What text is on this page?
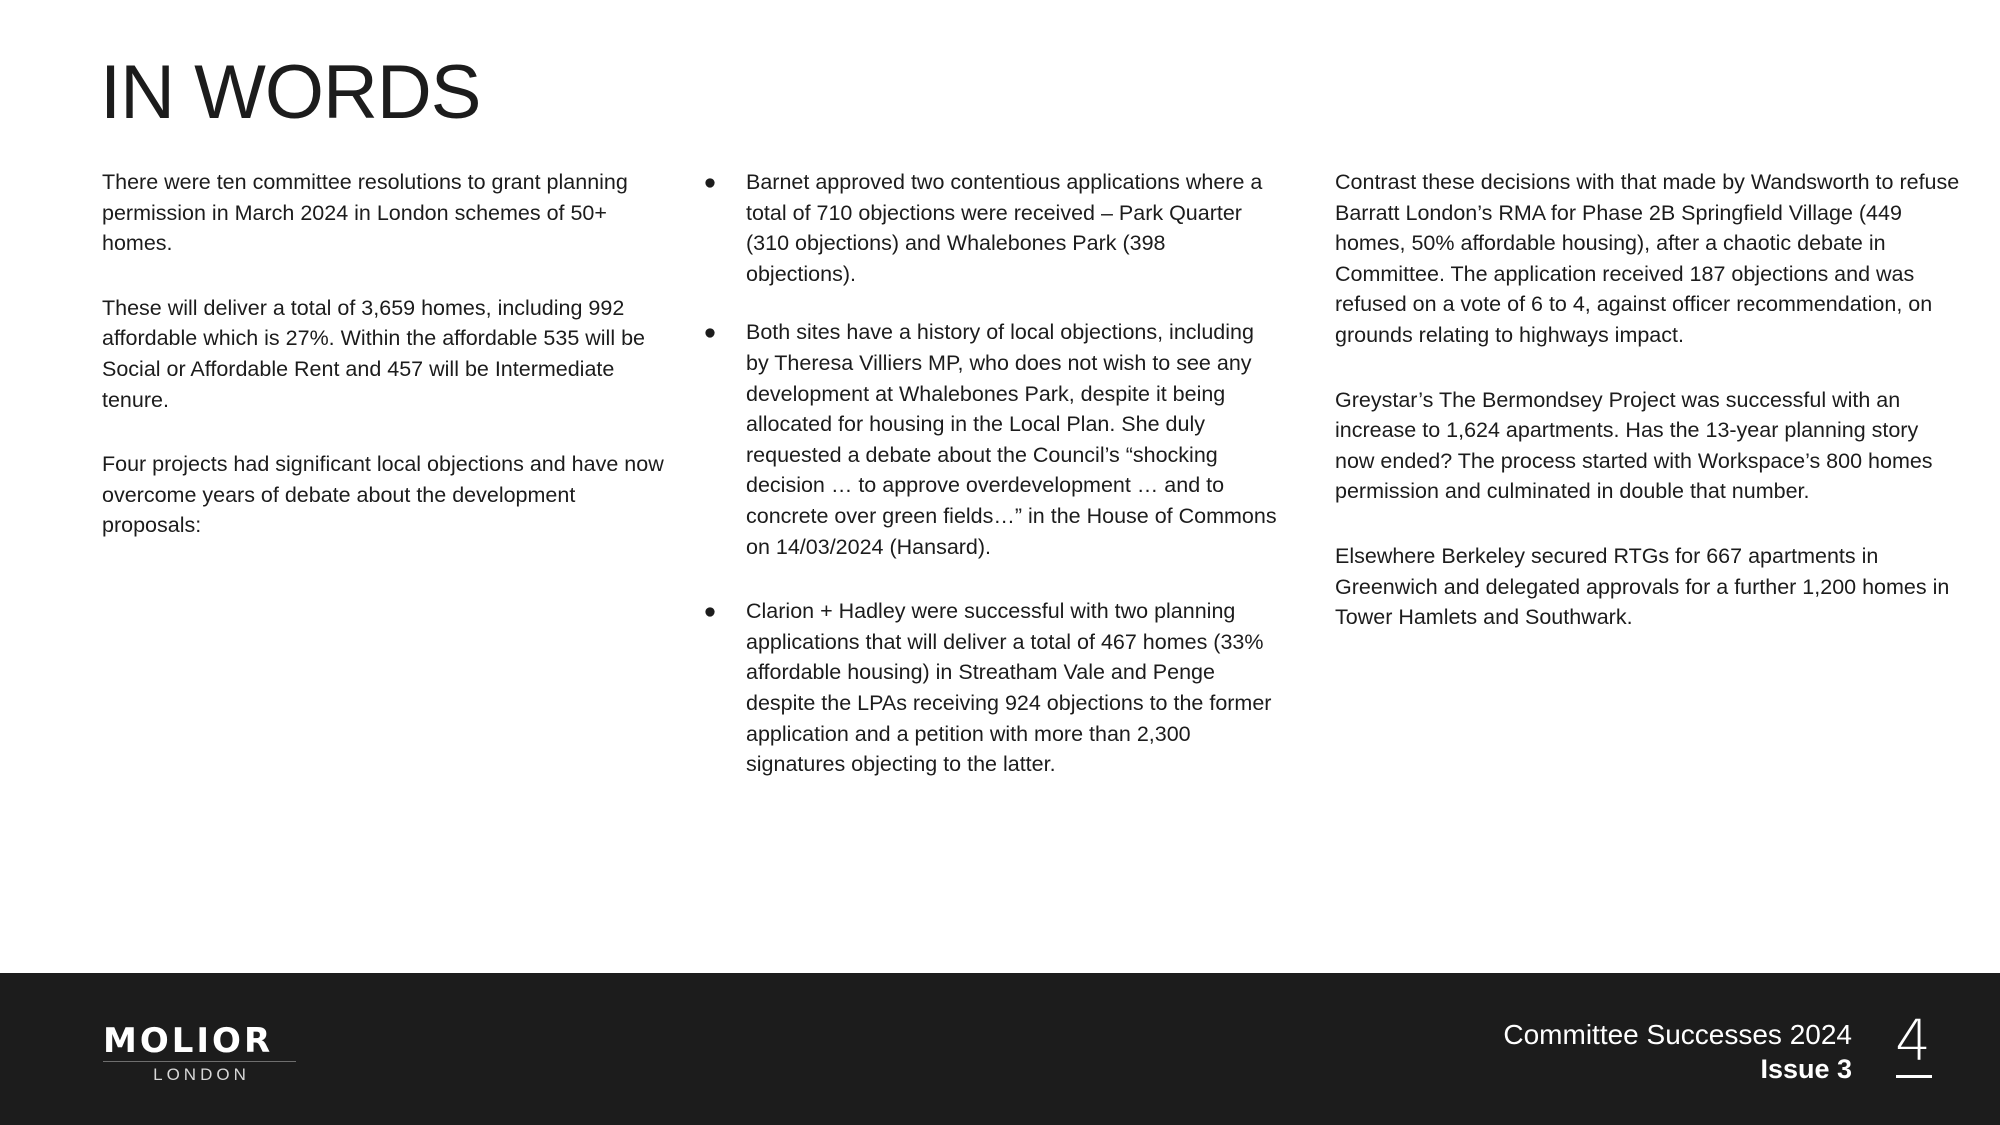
IN WORDS

There were ten committee resolutions to grant planning permission in March 2024 in London schemes of 50+ homes.

These will deliver a total of 3,659 homes, including 992 affordable which is 27%. Within the affordable 535 will be Social or Affordable Rent and 457 will be Intermediate tenure.

Four projects had significant local objections and have now overcome years of debate about the development proposals:

● Barnet approved two contentious applications where a total of 710 objections were received – Park Quarter (310 objections) and Whalebones Park (398 objections).
● Both sites have a history of local objections, including by Theresa Villiers MP, who does not wish to see any development at Whalebones Park, despite it being allocated for housing in the Local Plan. She duly requested a debate about the Council’s “shocking decision … to approve overdevelopment … and to concrete over green fields…” in the House of Commons on 14/03/2024 (Hansard).
● Clarion + Hadley were successful with two planning applications that will deliver a total of 467 homes (33% affordable housing) in Streatham Vale and Penge despite the LPAs receiving 924 objections to the former application and a petition with more than 2,300 signatures objecting to the latter.

Contrast these decisions with that made by Wandsworth to refuse Barratt London’s RMA for Phase 2B Springfield Village (449 homes, 50% affordable housing), after a chaotic debate in Committee. The application received 187 objections and was refused on a vote of 6 to 4, against officer recommendation, on grounds relating to highways impact.

Greystar’s The Bermondsey Project was successful with an increase to 1,624 apartments. Has the 13-year planning story now ended? The process started with Workspace’s 800 homes permission and culminated in double that number.

Elsewhere Berkeley secured RTGs for 667 apartments in Greenwich and delegated approvals for a further 1,200 homes in Tower Hamlets and Southwark.

MOLIOR
LONDON
Committee Successes 2024
Issue 3 4
